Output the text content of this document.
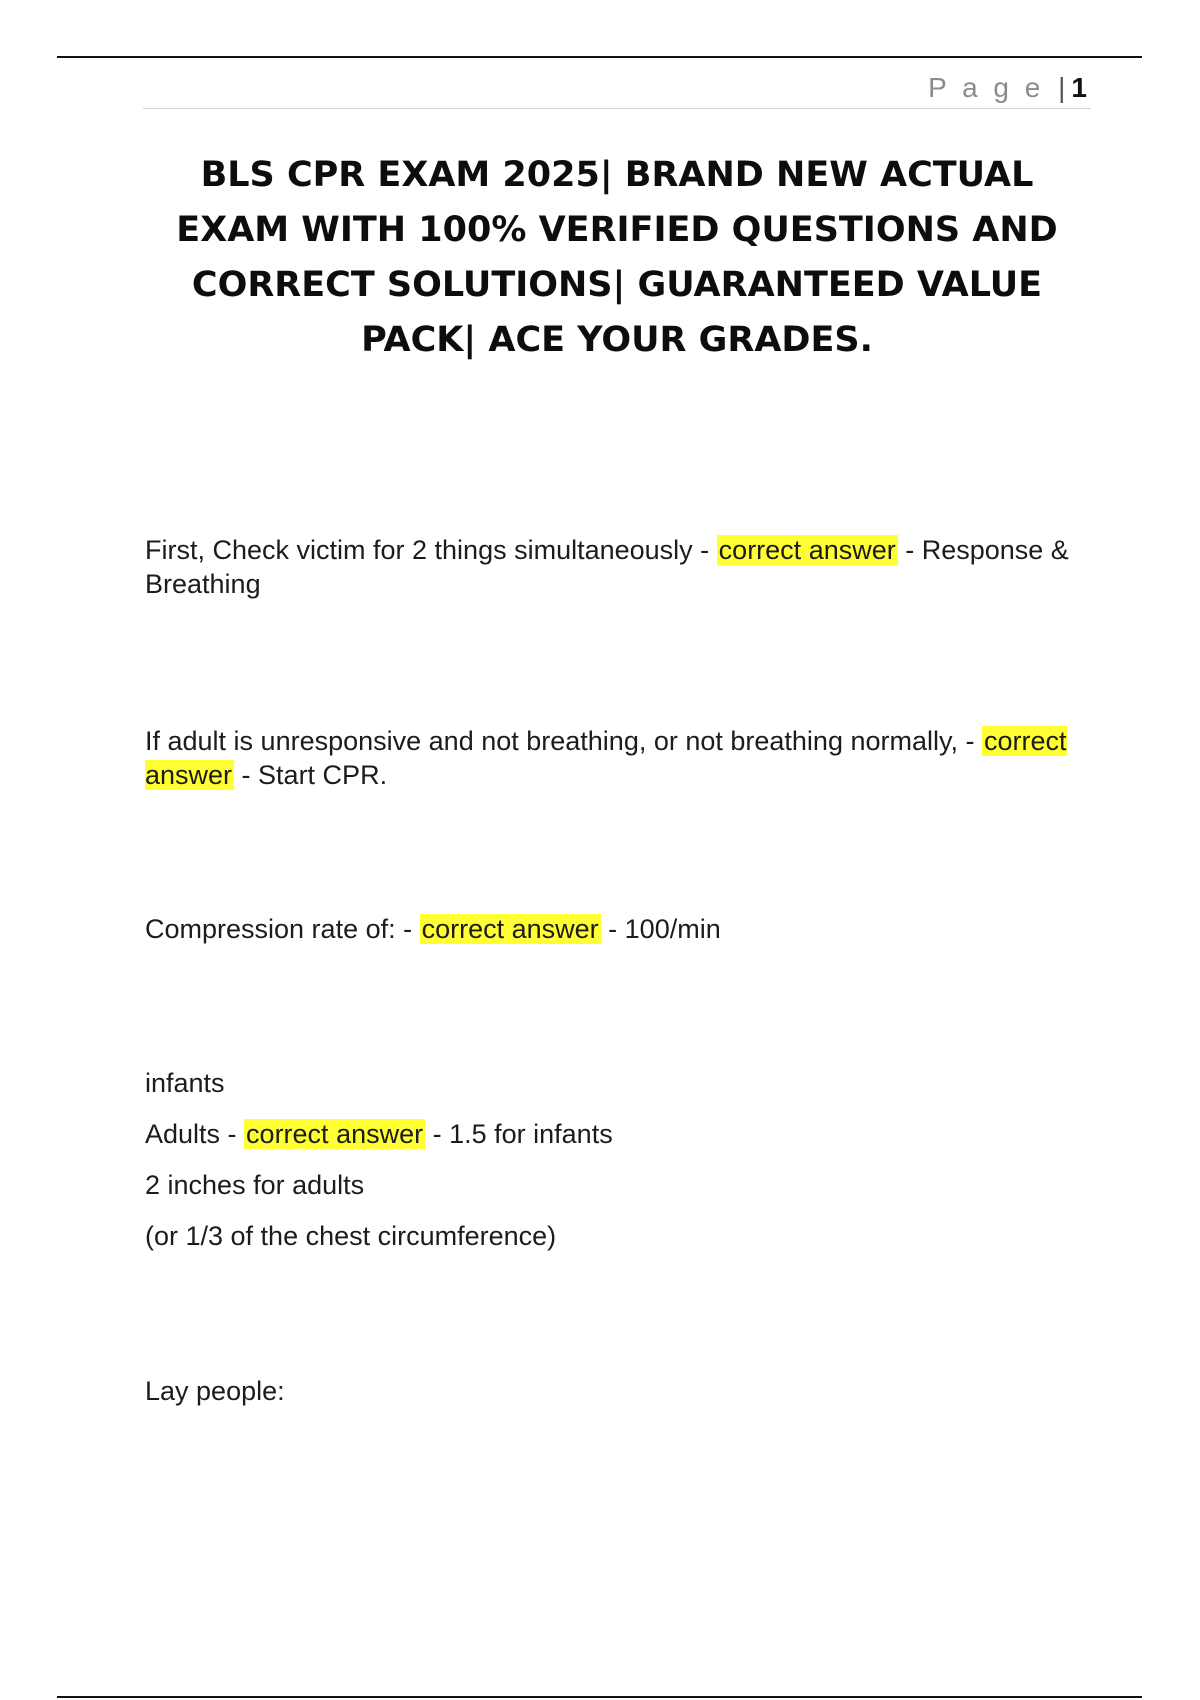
P a g e | 1
BLS CPR EXAM 2025| BRAND NEW ACTUAL EXAM WITH 100% VERIFIED QUESTIONS AND CORRECT SOLUTIONS| GUARANTEED VALUE PACK| ACE YOUR GRADES.

First, Check victim for 2 things simultaneously - correct answer - Response & Breathing

If adult is unresponsive and not breathing, or not breathing normally, - correct answer - Start CPR.

Compression rate of: - correct answer - 100/min

infants

Adults - correct answer - 1.5 for infants

2 inches for adults

(or 1/3 of the chest circumference)

Lay people:
